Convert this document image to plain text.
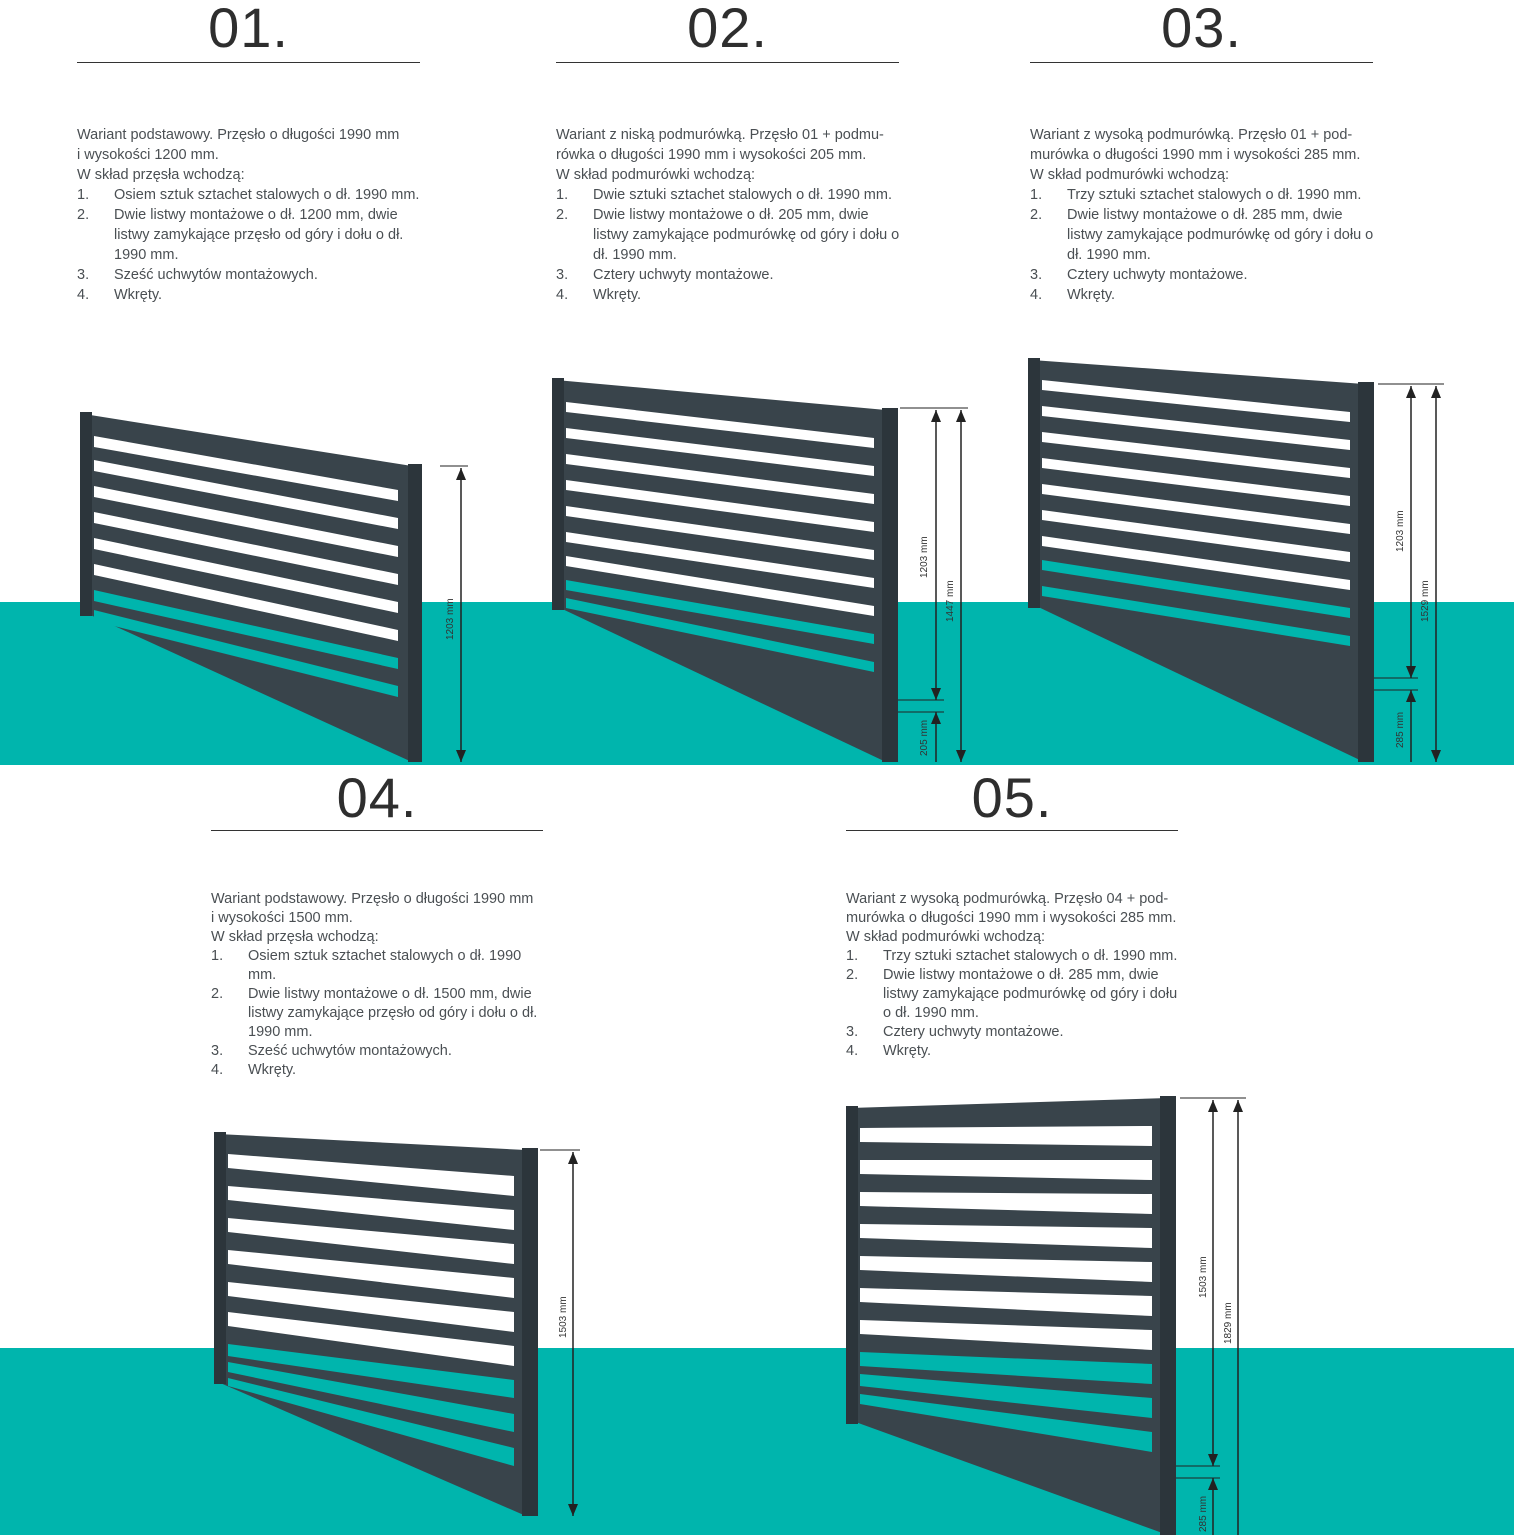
01.

Wariant podstawowy. Przęsło o długości 1990 mm

i wysokości 1200 mm.

W skład przęsła wchodzą:

1.	Osiem sztuk sztachet stalowych o dł. 1990 mm.
2.	Dwie listwy montażowe o dł. 1200 mm, dwie listwy zamykające przęsło od góry i dołu o dł. 1990 mm.
3.	Sześć uchwytów montażowych.
4.	Wkręty.
02.

Wariant z niską podmurówką. Przęsło 01 + podmu-

rówka o długości 1990 mm i wysokości 205 mm.

W skład podmurówki wchodzą:

1.	Dwie sztuki sztachet stalowych o dł. 1990 mm.
2.	Dwie listwy montażowe o dł. 205 mm, dwie listwy zamykające podmurówkę od góry i dołu o dł. 1990 mm.
3.	Cztery uchwyty montażowe.
4.	Wkręty.
03.

Wariant z wysoką podmurówką. Przęsło 01 + pod-

murówka o długości 1990 mm i wysokości 285 mm.

W skład podmurówki wchodzą:

1.	Trzy sztuki sztachet stalowych o dł. 1990 mm.
2.	Dwie listwy montażowe o dł. 285 mm, dwie listwy zamykające podmurówkę od góry i dołu o dł. 1990 mm.
3.	Cztery uchwyty montażowe.
4.	Wkręty.
04.

Wariant podstawowy. Przęsło o długości 1990 mm

i wysokości 1500 mm.

W skład przęsła wchodzą:

1.	Osiem sztuk sztachet stalowych o dł. 1990 mm.
2.	Dwie listwy montażowe o dł. 1500 mm, dwie listwy zamykające przęsło od góry i dołu o dł. 1990 mm.
3.	Sześć uchwytów montażowych.
4.	Wkręty.
05.

Wariant z wysoką podmurówką. Przęsło 04 + pod-

murówka o długości 1990 mm i wysokości 285 mm.

W skład podmurówki wchodzą:

1.	Trzy sztuki sztachet stalowych o dł. 1990 mm.
2.	Dwie listwy montażowe o dł. 285 mm, dwie listwy zamykające podmurówkę od góry i dołu o dł. 1990 mm.
3.	Cztery uchwyty montażowe.
4.	Wkręty.
1203 mm
1203 mm
1447 mm
205 mm
1203 mm
1529 mm
285 mm
1503 mm
1503 mm
1829 mm
285 mm
